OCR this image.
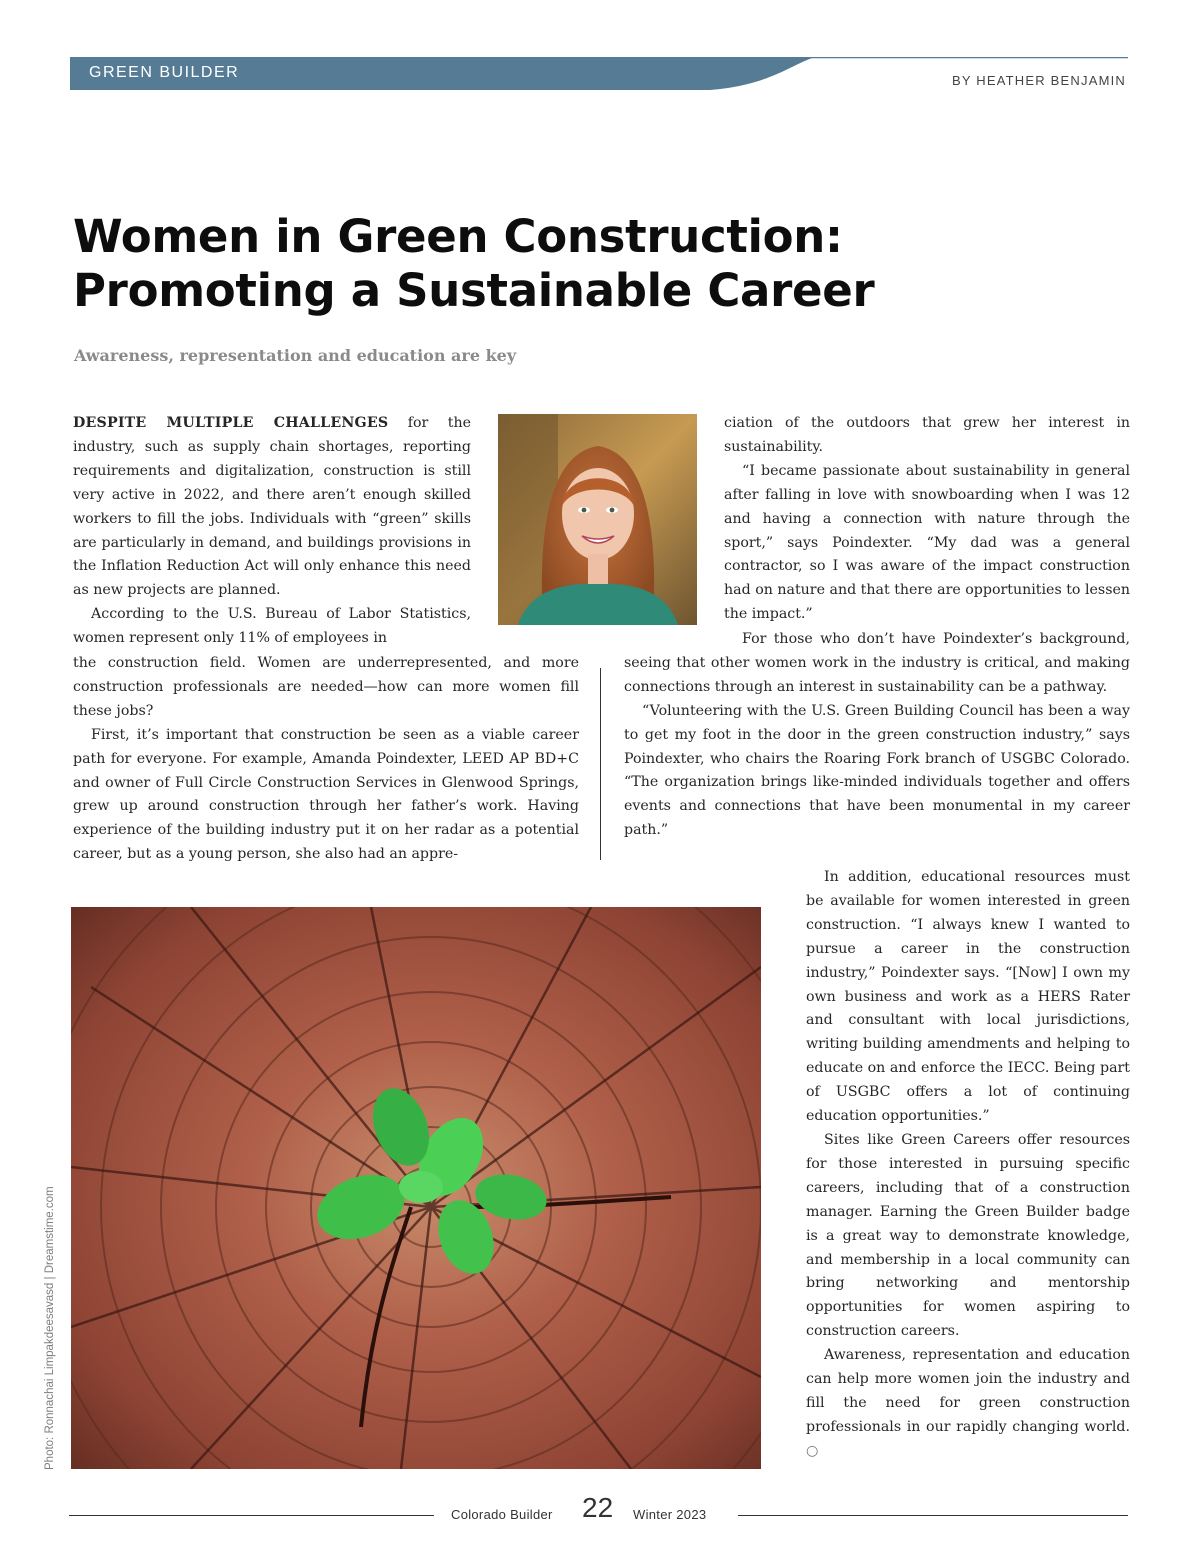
GREEN BUILDER	BY HEATHER BENJAMIN
Women in Green Construction:
Promoting a Sustainable Career
Awareness, representation and education are key

DESPITE MULTIPLE CHALLENGES for the industry, such as supply chain shortages, reporting requirements and digitalization, construction is still very active in 2022, and there aren’t enough skilled workers to fill the jobs. Individuals with “green” skills are particularly in demand, and buildings provisions in the Inflation Reduction Act will only enhance this need as new projects are planned.

According to the U.S. Bureau of Labor Statistics, women represent only 11% of employees in

the construction field. Women are underrepresented, and more construction professionals are needed—how can more women fill these jobs?

First, it’s important that construction be seen as a viable career path for everyone. For example, Amanda Poindexter, LEED AP BD+C and owner of Full Circle Construction Services in Glenwood Springs, grew up around construction through her father’s work. Having experience of the building industry put it on her radar as a potential career, but as a young person, she also had an appre-

ciation of the outdoors that grew her interest in sustainability.

“I became passionate about sustainability in general after falling in love with snowboarding when I was 12 and having a connection with nature through the sport,” says Poindexter. “My dad was a general contractor, so I was aware of the impact construction had on nature and that there are opportunities to lessen the impact.”

For those who don’t have Poindexter’s background, seeing that other women work in the industry is critical, and making connections through an interest in sustainability can be a pathway.

“Volunteering with the U.S. Green Building Council has been a way to get my foot in the door in the green construction industry,” says Poindexter, who chairs the Roaring Fork branch of USGBC Colorado. “The organization brings like-minded individuals together and offers events and connections that have been monumental in my career path.”

Photo: Ronnachai Limpakdeesavasd | Dreamstime.com

In addition, educational resources must be available for women interested in green construction. “I always knew I wanted to pursue a career in the construction industry,” Poindexter says. “[Now] I own my own business and work as a HERS Rater and consultant with local jurisdictions, writing building amendments and helping to educate on and enforce the IECC. Being part of USGBC offers a lot of continuing education opportunities.”

Sites like Green Careers offer resources for those interested in pursuing specific careers, including that of a construction manager. Earning the Green Builder badge is a great way to demonstrate knowledge, and membership in a local community can bring networking and mentorship opportunities for women aspiring to construction careers.

Awareness, representation and education can help more women join the industry and fill the need for green construction professionals in our rapidly changing world. ○

Colorado Builder 22 Winter 2023
